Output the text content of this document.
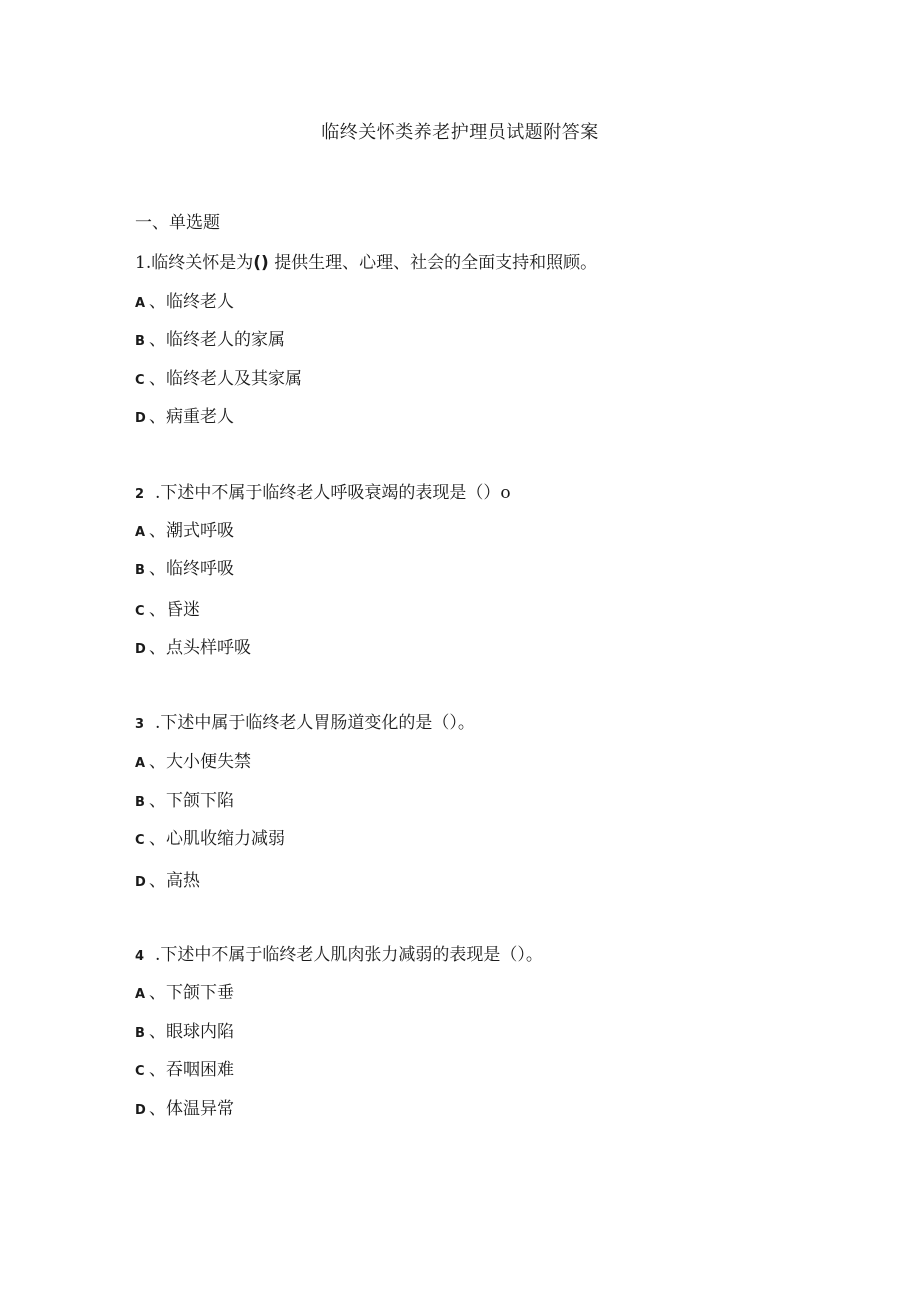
临终关怀类养老护理员试题附答案
一、单选题
1.临终关怀是为() 提供生理、心理、社会的全面支持和照顾。
A 、临终老人
B 、临终老人的家属
C 、临终老人及其家属
D 、病重老人
2 .下述中不属于临终老人呼吸衰竭的表现是（）o
A 、潮式呼吸
B 、临终呼吸
C 、昏迷
D 、点头样呼吸
3 .下述中属于临终老人胃肠道变化的是（）。
A 、大小便失禁
B 、下颌下陷
C 、心肌收缩力减弱
D 、高热
4 .下述中不属于临终老人肌肉张力减弱的表现是（）。
A 、下颌下垂
B 、眼球内陷
C 、吞咽困难
D 、体温异常
